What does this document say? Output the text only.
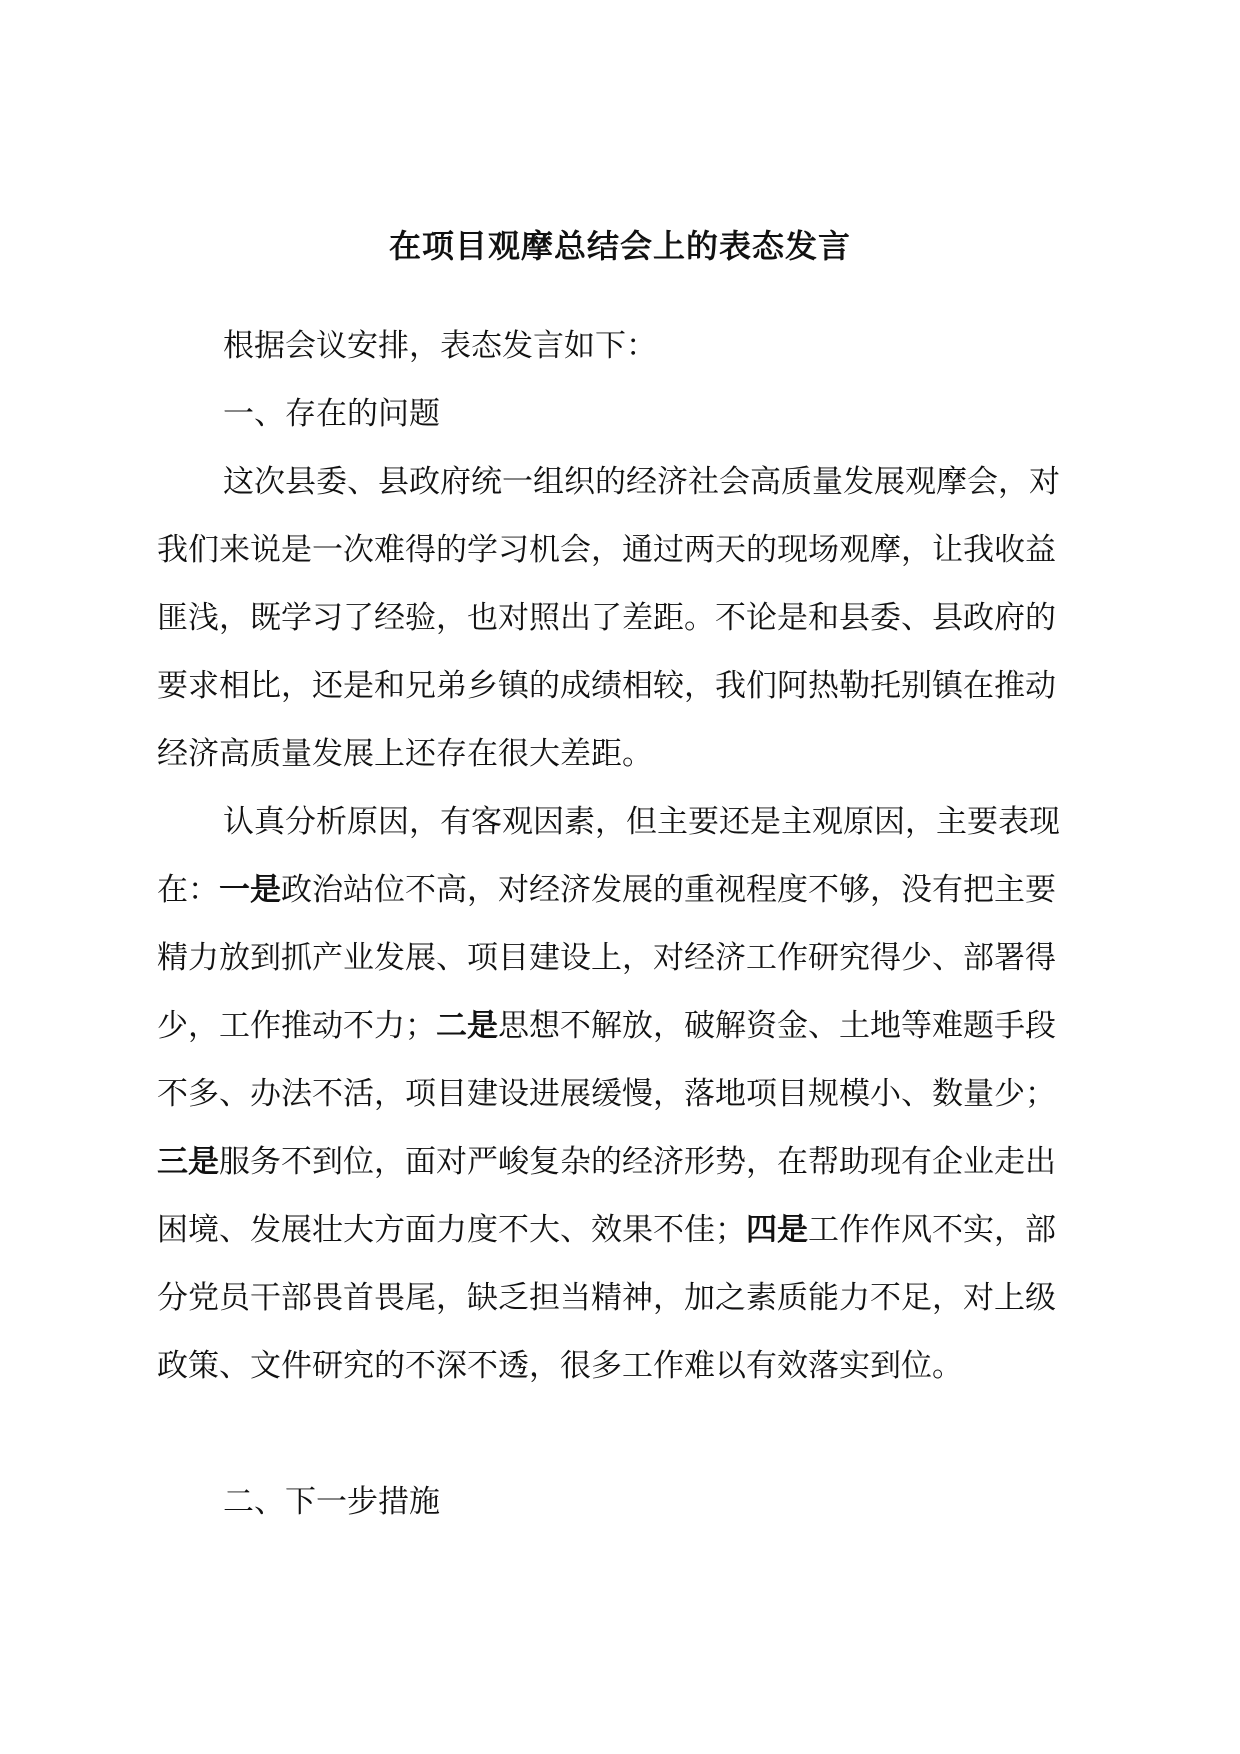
在项目观摩总结会上的表态发言

根据会议安排，表态发言如下：

一、存在的问题

这次县委、县政府统一组织的经济社会高质量发展观摩会，对我们来说是一次难得的学习机会，通过两天的现场观摩，让我收益匪浅，既学习了经验，也对照出了差距。不论是和县委、县政府的要求相比，还是和兄弟乡镇的成绩相较，我们阿热勒托别镇在推动经济高质量发展上还存在很大差距。

认真分析原因，有客观因素，但主要还是主观原因，主要表现在：一是政治站位不高，对经济发展的重视程度不够，没有把主要精力放到抓产业发展、项目建设上，对经济工作研究得少、部署得少，工作推动不力；二是思想不解放，破解资金、土地等难题手段不多、办法不活，项目建设进展缓慢，落地项目规模小、数量少；三是服务不到位，面对严峻复杂的经济形势，在帮助现有企业走出困境、发展壮大方面力度不大、效果不佳；四是工作作风不实，部分党员干部畏首畏尾，缺乏担当精神，加之素质能力不足，对上级政策、文件研究的不深不透，很多工作难以有效落实到位。

二、下一步措施
